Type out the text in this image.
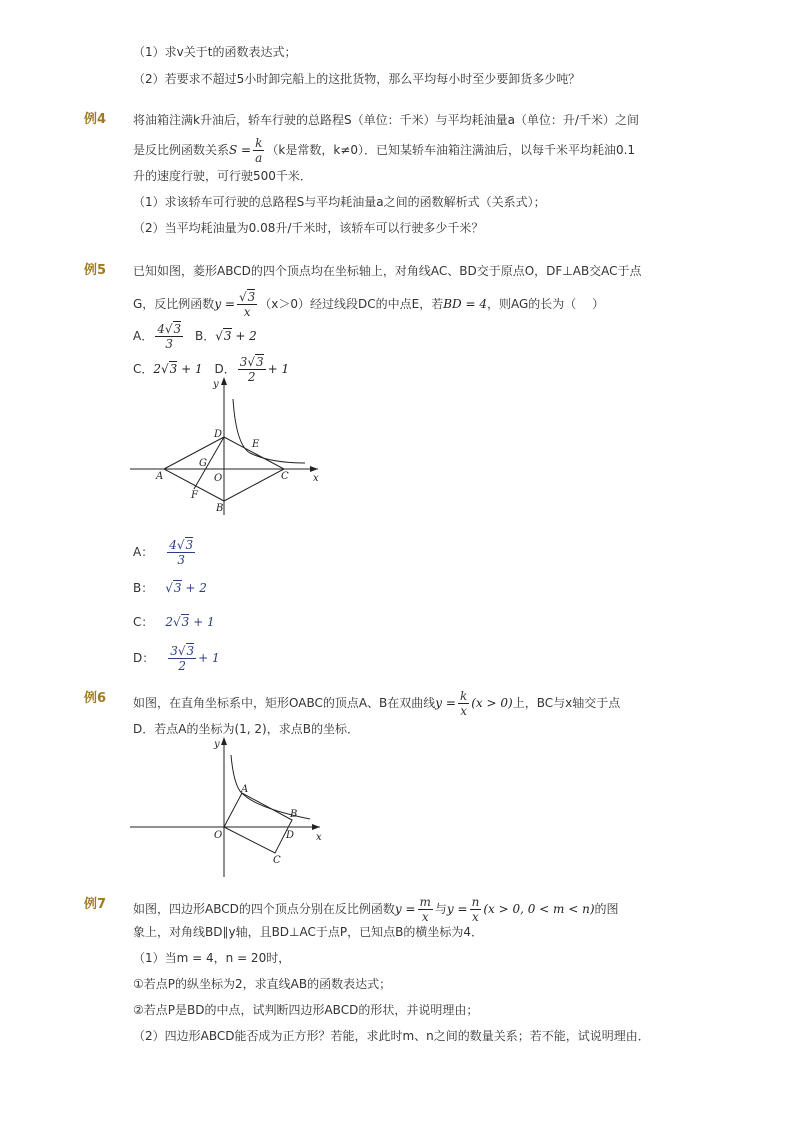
（1）求v关于t的函数表达式；
（2）若要求不超过5小时卸完船上的这批货物，那么平均每小时至少要卸货多少吨？
例4 将油箱注满k升油后，轿车行驶的总路程S（单位：千米）与平均耗油量a（单位：升/千米）之间
是反比例函数关系$S = \frac{k}{a} (k$是常数，k≠0）．已知某轿车油箱注满油后，以每千米平均耗油0.1
升的速度行驶，可行驶500千米．
（1）求该轿车可行驶的总路程S与平均耗油量a之间的函数解析式（关系式）；
（2）当平均耗油量为0.08升/千米时，该轿车可以行驶多少千米？
例5 已知如图，菱形ABCD的四个顶点均在坐标轴上，对角线AC、BD交于原点O，DF⊥AB交AC于点
G，反比例函数$y = \frac{√3}{x} (x>0)$经过线段DC的中点E，若BD = 4，则AG的长为（　 ）
A． $\frac{4√3}{3}$ B．√3 + 2
C．2√3 + 1 D． $\frac{3√3}{2} + 1$
A
B
C
D
E
F
G
O	x
y
A： $\frac{4√3}{3}$
B： √3 + 2
C： 2√3 + 1
D： $\frac{3√3}{2} + 1$
例6 如图，在直角坐标系中，矩形OABC的顶点A、B在双曲线$y = \frac{k}{x} (x > 0)$上，BC与x轴交于点
D．若点A的坐标为(1, 2)，求点B的坐标．
A
B
C
D
O	x
y
例7 如图，四边形ABCD的四个顶点分别在反比例函数$y = \frac{m}{x}$ 与$y = \frac{n}{x} (x > 0$, 0 < m < n)的图
象上，对角线BD∥y轴，且BD⊥AC于点P，已知点B的横坐标为4．
（1）当m = 4，n = 20时，
①若点P的纵坐标为2，求直线AB的函数表达式；
②若点P是BD的中点，试判断四边形ABCD的形状，并说明理由；
（2）四边形ABCD能否成为正方形？若能，求此时m、n之间的数量关系；若不能，试说明理由．
